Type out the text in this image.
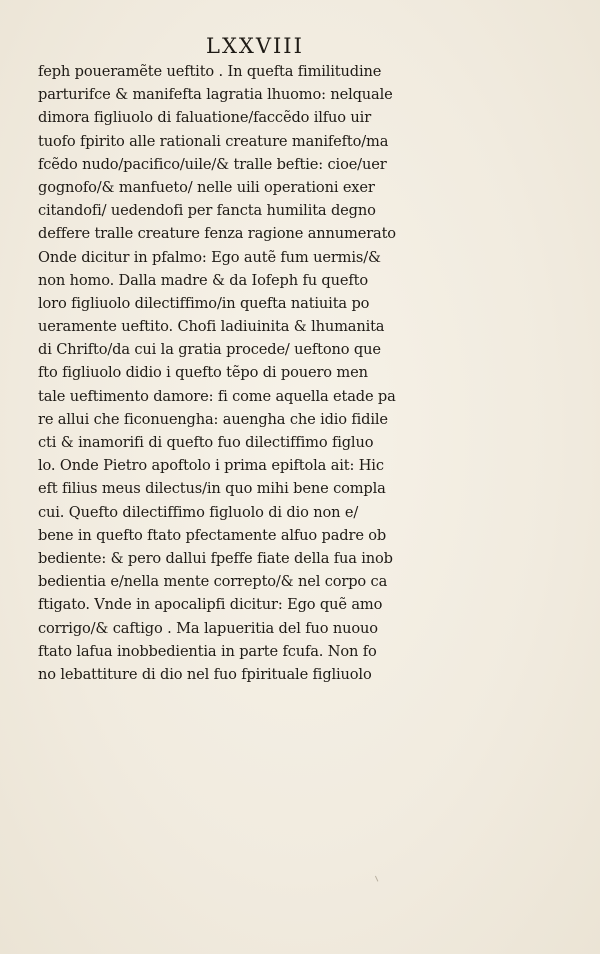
LXXVIII
feph poueramẽte ueftito . In quefta fimilitudine
parturifce & manifefta lagratia lhuomo: nelquale
dimora figliuolo di faluatione/faccẽdo ilfuo uir
tuofo fpirito alle rationali creature manifefto/ma
fcẽdo nudo/pacifico/uile/& tralle beftie: cioe/uer
gognofo/& manfueto/ nelle uili operationi exer
citandofi/ uedendofi per fancta humilita degno
deffere tralle creature fenza ragione annumerato
Onde dicitur in pfalmo: Ego autẽ fum uermis/&
non homo. Dalla madre & da Iofeph fu quefto
loro figliuolo dilectiffimo/in quefta natiuita po
ueramente ueftito. Chofi ladiuinita & lhumanita
di Chrifto/da cui la gratia procede/ ueftono que
fto figliuolo didio i quefto tẽpo di pouero men
tale ueftimento damore: fi come aquella etade pa
re allui che ficonuengha: auengha che idio fidile
cti & inamorifi di quefto fuo dilectiffimo figluo
lo. Onde Pietro apoftolo i prima epiftola ait: Hic
eft filius meus dilectus/in quo mihi bene compla
cui. Quefto dilectiffimo figluolo di dio non e/
bene in quefto ftato pfectamente alfuo padre ob
bediente: & pero dallui fpeffe fiate della fua inob
bedientia e/nella mente correpto/& nel corpo ca
ftigato. Vnde in apocalipfi dicitur: Ego quẽ amo
corrigo/& caftigo . Ma lapueritia del fuo nuouo
ftato lafua inobbedientia in parte fcufa. Non fo
no lebattiture di dio nel fuo fpirituale figliuolo
